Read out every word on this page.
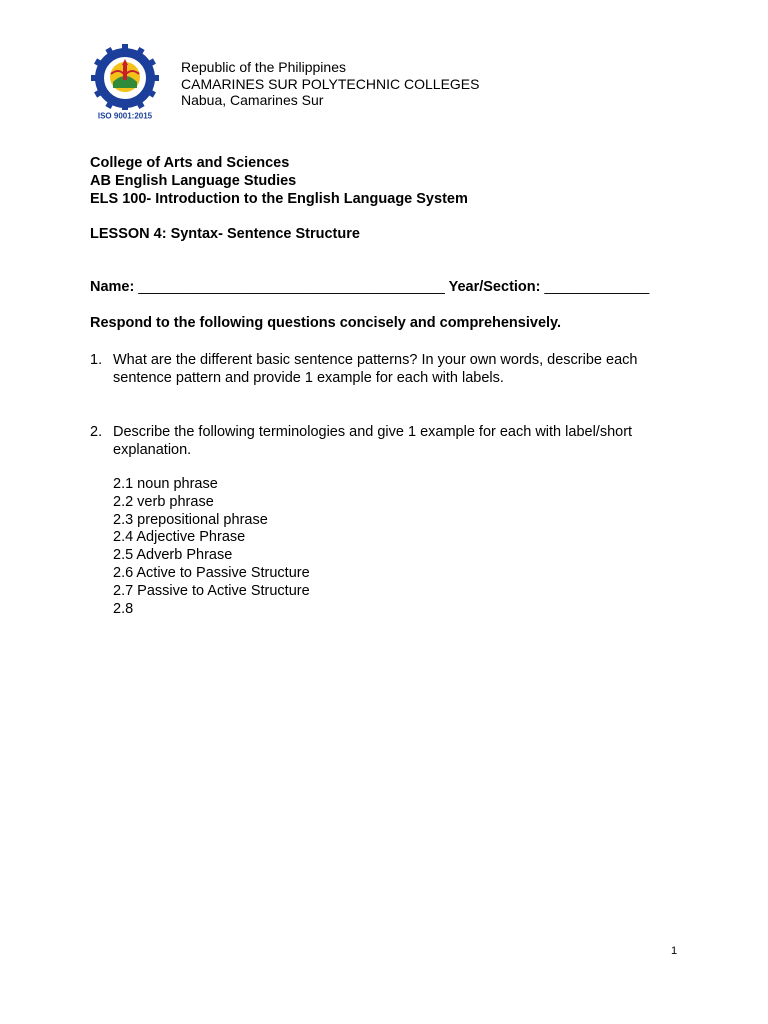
ISO 9001:2015
Republic of the Philippines
CAMARINES SUR POLYTECHNIC COLLEGES
Nabua, Camarines Sur
College of Arts and Sciences
AB English Language Studies
ELS 100- Introduction to the English Language System
LESSON 4: Syntax- Sentence Structure
Name: ______________________________________ Year/Section: _____________
Respond to the following questions concisely and comprehensively.
1. What are the different basic sentence patterns? In your own words, describe each sentence pattern and provide 1 example for each with labels.
2. Describe the following terminologies and give 1 example for each with label/short explanation.
2.1 noun phrase
2.2 verb phrase
2.3 prepositional phrase
2.4 Adjective Phrase
2.5 Adverb Phrase
2.6 Active to Passive Structure
2.7 Passive to Active Structure
2.8
1
